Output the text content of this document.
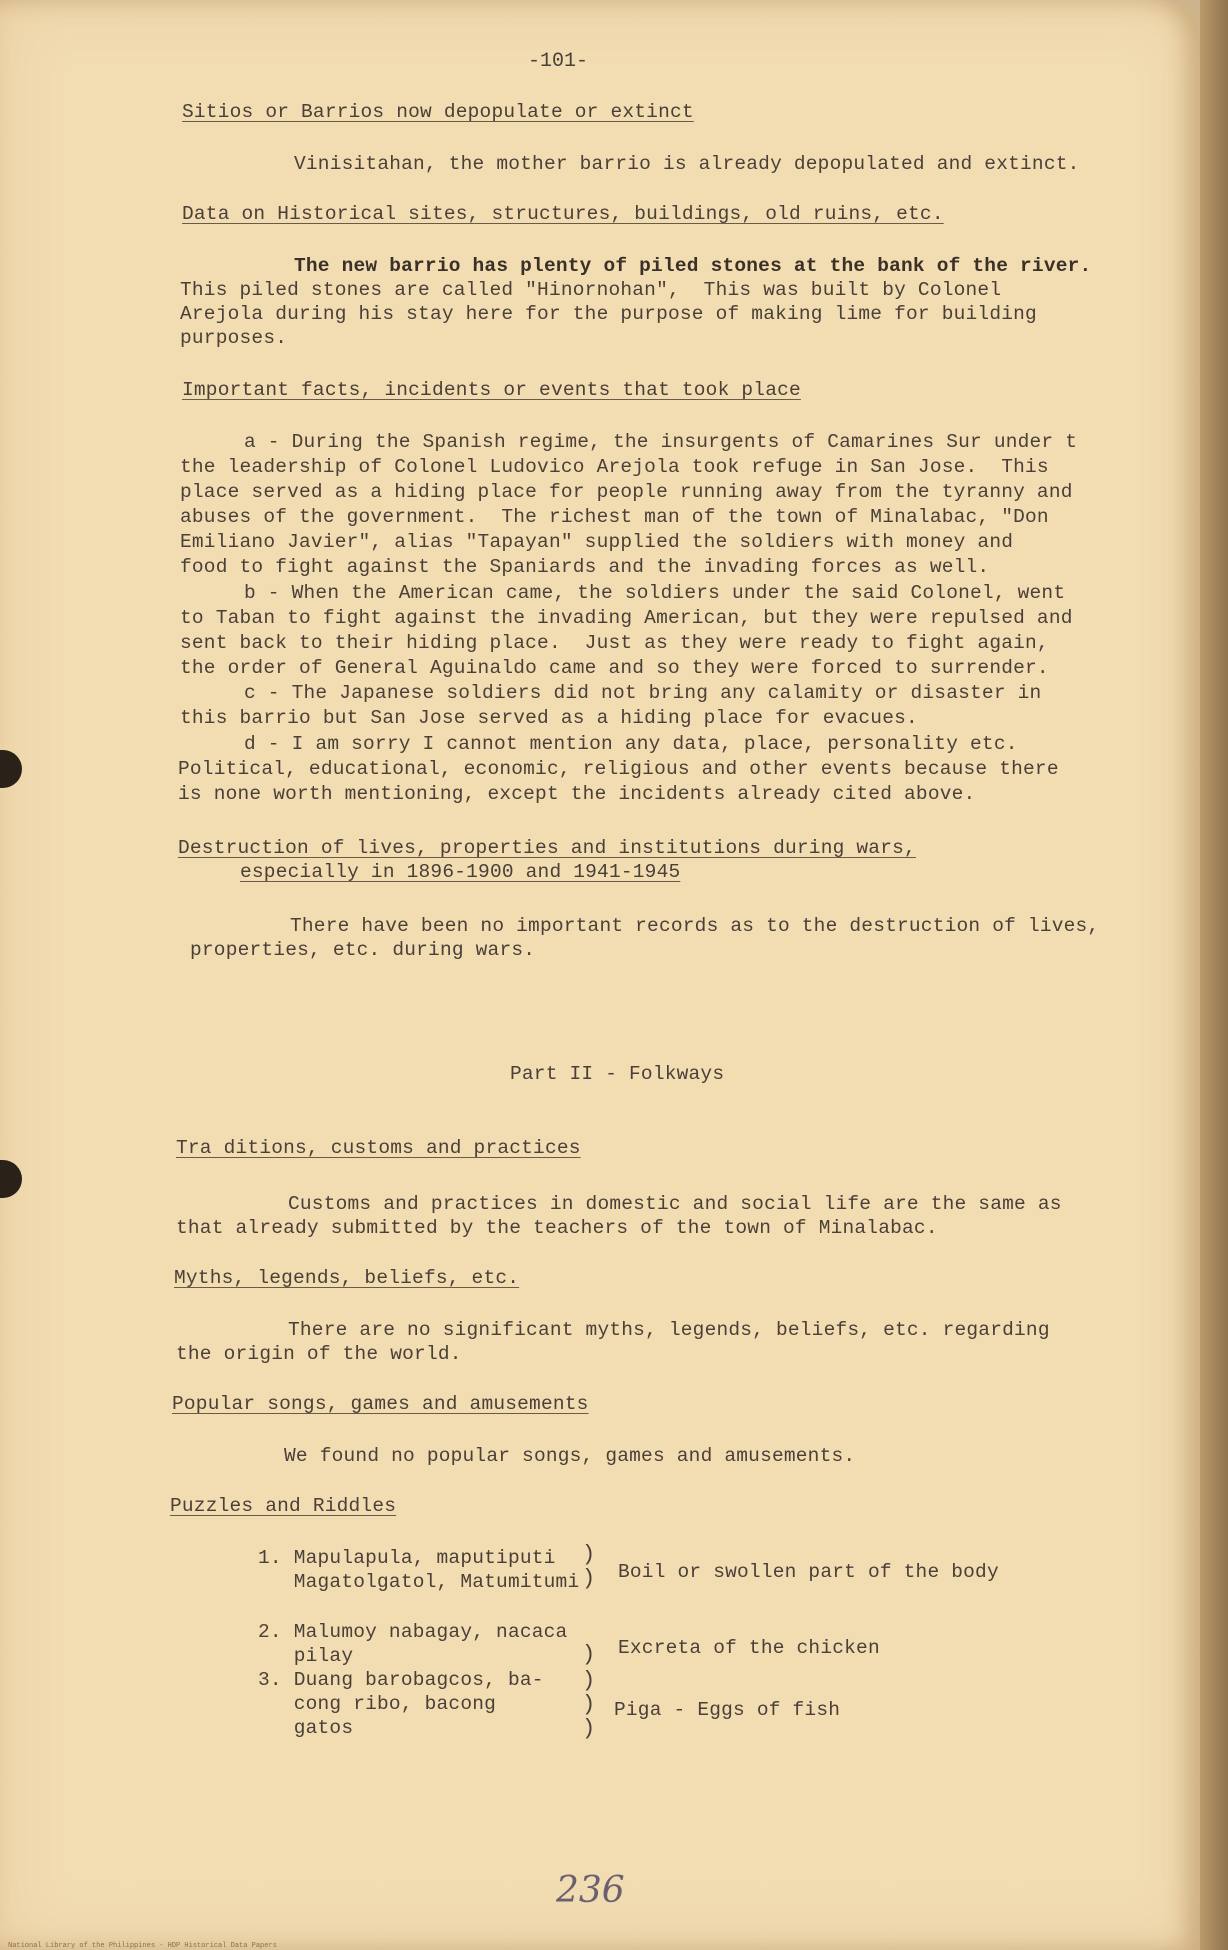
-101-
Sitios or Barrios now depopulate or extinct
Vinisitahan, the mother barrio is already depopulated and extinct.
Data on Historical sites, structures, buildings, old ruins, etc.
The new barrio has plenty of piled stones at the bank of the river.
This piled stones are called "Hinornohan",  This was built by Colonel
Arejola during his stay here for the purpose of making lime for building
purposes.
Important facts, incidents or events that took place
a - During the Spanish regime, the insurgents of Camarines Sur under t
the leadership of Colonel Ludovico Arejola took refuge in San Jose.  This
place served as a hiding place for people running away from the tyranny and
abuses of the government.  The richest man of the town of Minalabac, "Don
Emiliano Javier", alias "Tapayan" supplied the soldiers with money and
food to fight against the Spaniards and the invading forces as well.
b - When the American came, the soldiers under the said Colonel, went
to Taban to fight against the invading American, but they were repulsed and
sent back to their hiding place.  Just as they were ready to fight again,
the order of General Aguinaldo came and so they were forced to surrender.
c - The Japanese soldiers did not bring any calamity or disaster in
this barrio but San Jose served as a hiding place for evacues.
d - I am sorry I cannot mention any data, place, personality etc.
Political, educational, economic, religious and other events because there
is none worth mentioning, except the incidents already cited above.
Destruction of lives, properties and institutions during wars,
especially in 1896-1900 and 1941-1945
There have been no important records as to the destruction of lives,
properties, etc. during wars.
Part II - Folkways
Tra ditions, customs and practices
Customs and practices in domestic and social life are the same as
that already submitted by the teachers of the town of Minalabac.
Myths, legends, beliefs, etc.
There are no significant myths, legends, beliefs, etc. regarding
the origin of the world.
Popular songs, games and amusements
We found no popular songs, games and amusements.
Puzzles and Riddles
1. Mapulapula, maputiputi
Magatolgatol, Matumitumi
)
) Boil or swollen part of the body
2. Malumoy nabagay, nacaca
pilay	) Excreta of the chicken
3. Duang barobagcos, ba-
cong ribo, bacong
gatos
)
)
)
Piga - Eggs of fish
236
National Library of the Philippines - HDP Historical Data Papers
